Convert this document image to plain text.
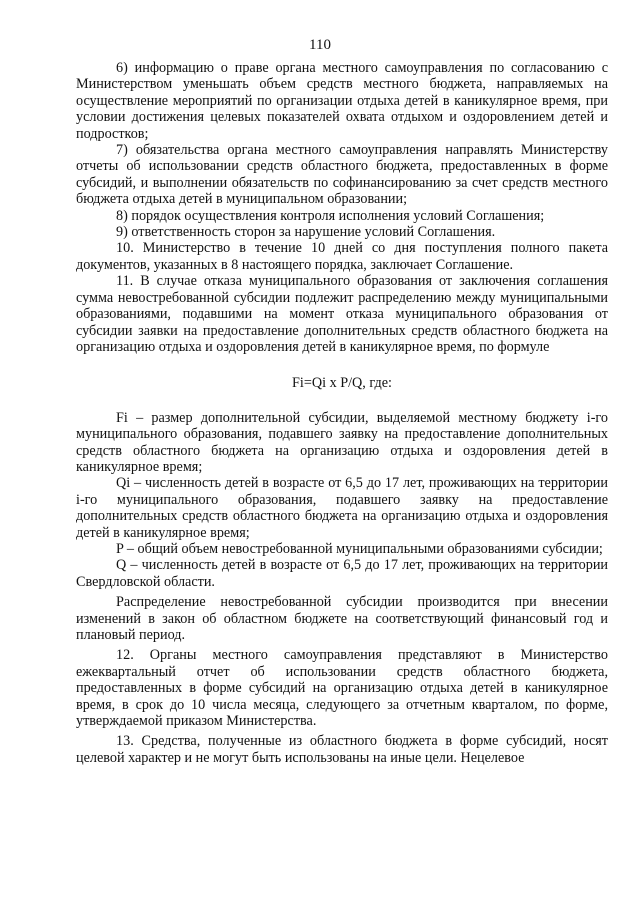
110

6) информацию о праве органа местного самоуправления по согласованию с Министерством уменьшать объем средств местного бюджета, направляемых на осуществление мероприятий по организации отдыха детей в каникулярное время, при условии достижения целевых показателей охвата отдыхом и оздоровлением детей и подростков;

7) обязательства органа местного самоуправления направлять Министерству отчеты об использовании средств областного бюджета, предоставленных в форме субсидий, и выполнении обязательств по софинансированию за счет средств местного бюджета отдыха детей в муниципальном образовании;

8) порядок осуществления контроля исполнения условий Соглашения;

9) ответственность сторон за нарушение условий Соглашения.

10. Министерство в течение 10 дней со дня поступления полного пакета документов, указанных в 8 настоящего порядка, заключает Соглашение.

11. В случае отказа муниципального образования от заключения соглашения сумма невостребованной субсидии подлежит распределению между муниципальными образованиями, подавшими на момент отказа муниципального образования от субсидии заявки на предоставление дополнительных средств областного бюджета на организацию отдыха и оздоровления детей в каникулярное время, по формуле

Fi=Qi x P/Q, где:

Fi – размер дополнительной субсидии, выделяемой местному бюджету i-го муниципального образования, подавшего заявку на предоставление дополнительных средств областного бюджета на организацию отдыха и оздоровления детей в каникулярное время;

Qi – численность детей в возрасте от 6,5 до 17 лет, проживающих на территории i-го муниципального образования, подавшего заявку на предоставление дополнительных средств областного бюджета на организацию отдыха и оздоровления детей в каникулярное время;

P – общий объем невостребованной муниципальными образованиями субсидии;

Q – численность детей в возрасте от 6,5 до 17 лет, проживающих на территории Свердловской области.

Распределение невостребованной субсидии производится при внесении изменений в закон об областном бюджете на соответствующий финансовый год и плановый период.

12. Органы местного самоуправления представляют в Министерство ежеквартальный отчет об использовании средств областного бюджета, предоставленных в форме субсидий на организацию отдыха детей в каникулярное время, в срок до 10 числа месяца, следующего за отчетным кварталом, по форме, утверждаемой приказом Министерства.

13. Средства, полученные из областного бюджета в форме субсидий, носят целевой характер и не могут быть использованы на иные цели. Нецелевое
